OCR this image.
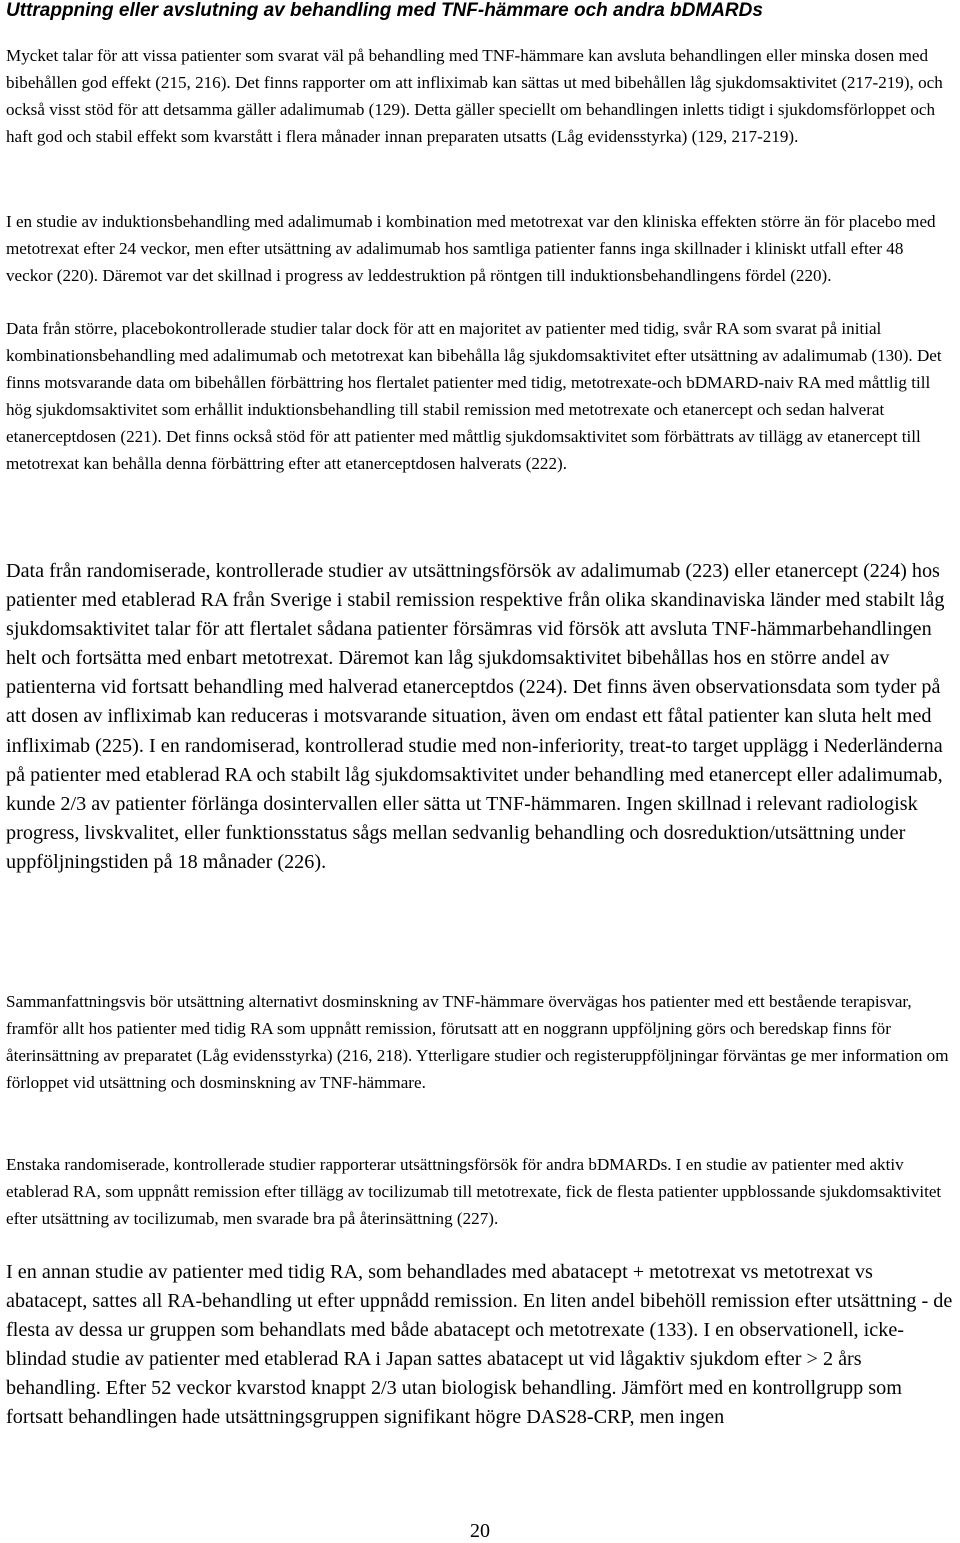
Uttrappning eller avslutning av behandling med TNF-hämmare och andra bDMARDs

Mycket talar för att vissa patienter som svarat väl på behandling med TNF-hämmare kan avsluta behandlingen eller minska dosen med bibehållen god effekt (215, 216). Det finns rapporter om att infliximab kan sättas ut med bibehållen låg sjukdomsaktivitet (217-219), och också visst stöd för att detsamma gäller adalimumab (129). Detta gäller speciellt om behandlingen inletts tidigt i sjukdomsförloppet och haft god och stabil effekt som kvarstått i flera månader innan preparaten utsatts (Låg evidensstyrka) (129, 217-219).

I en studie av induktionsbehandling med adalimumab i kombination med metotrexat var den kliniska effekten större än för placebo med metotrexat efter 24 veckor, men efter utsättning av adalimumab hos samtliga patienter fanns inga skillnader i kliniskt utfall efter 48 veckor (220). Däremot var det skillnad i progress av leddestruktion på röntgen till induktionsbehandlingens fördel (220).

Data från större, placebokontrollerade studier talar dock för att en majoritet av patienter med tidig, svår RA som svarat på initial kombinationsbehandling med adalimumab och metotrexat kan bibehålla låg sjukdomsaktivitet efter utsättning av adalimumab (130). Det finns motsvarande data om bibehållen förbättring hos flertalet patienter med tidig, metotrexate-och bDMARD-naiv RA med måttlig till hög sjukdomsaktivitet som erhållit induktionsbehandling till stabil remission med metotrexate och etanercept och sedan halverat etanerceptdosen (221). Det finns också stöd för att patienter med måttlig sjukdomsaktivitet som förbättrats av tillägg av etanercept till metotrexat kan behålla denna förbättring efter att etanerceptdosen halverats (222).

Data från randomiserade, kontrollerade studier av utsättningsförsök av adalimumab (223) eller etanercept (224) hos patienter med etablerad RA från Sverige i stabil remission respektive från olika skandinaviska länder med stabilt låg sjukdomsaktivitet talar för att flertalet sådana patienter försämras vid försök att avsluta TNF-hämmarbehandlingen helt och fortsätta med enbart metotrexat. Däremot kan låg sjukdomsaktivitet bibehållas hos en större andel av patienterna vid fortsatt behandling med halverad etanerceptdos (224). Det finns även observationsdata som tyder på att dosen av infliximab kan reduceras i motsvarande situation, även om endast ett fåtal patienter kan sluta helt med infliximab (225). I en randomiserad, kontrollerad studie med non-inferiority, treat-to target upplägg i Nederländerna på patienter med etablerad RA och stabilt låg sjukdomsaktivitet under behandling med etanercept eller adalimumab, kunde 2/3 av patienter förlänga dosintervallen eller sätta ut TNF-hämmaren. Ingen skillnad i relevant radiologisk progress, livskvalitet, eller funktionsstatus sågs mellan sedvanlig behandling och dosreduktion/utsättning under uppföljningstiden på 18 månader (226).

Sammanfattningsvis bör utsättning alternativt dosminskning av TNF-hämmare övervägas hos patienter med ett bestående terapisvar, framför allt hos patienter med tidig RA som uppnått remission, förutsatt att en noggrann uppföljning görs och beredskap finns för återinsättning av preparatet (Låg evidensstyrka) (216, 218). Ytterligare studier och registeruppföljningar förväntas ge mer information om förloppet vid utsättning och dosminskning av TNF-hämmare.

Enstaka randomiserade, kontrollerade studier rapporterar utsättningsförsök för andra bDMARDs. I en studie av patienter med aktiv etablerad RA, som uppnått remission efter tillägg av tocilizumab till metotrexate, fick de flesta patienter uppblossande sjukdomsaktivitet efter utsättning av tocilizumab, men svarade bra på återinsättning (227).

I en annan studie av patienter med tidig RA, som behandlades med abatacept + metotrexat vs metotrexat vs abatacept, sattes all RA-behandling ut efter uppnådd remission. En liten andel bibehöll remission efter utsättning - de flesta av dessa ur gruppen som behandlats med både abatacept och metotrexate (133). I en observationell, icke-blindad studie av patienter med etablerad RA i Japan sattes abatacept ut vid lågaktiv sjukdom efter > 2 års behandling. Efter 52 veckor kvarstod knappt 2/3 utan biologisk behandling. Jämfört med en kontrollgrupp som fortsatt behandlingen hade utsättningsgruppen signifikant högre DAS28-CRP, men ingen

20
